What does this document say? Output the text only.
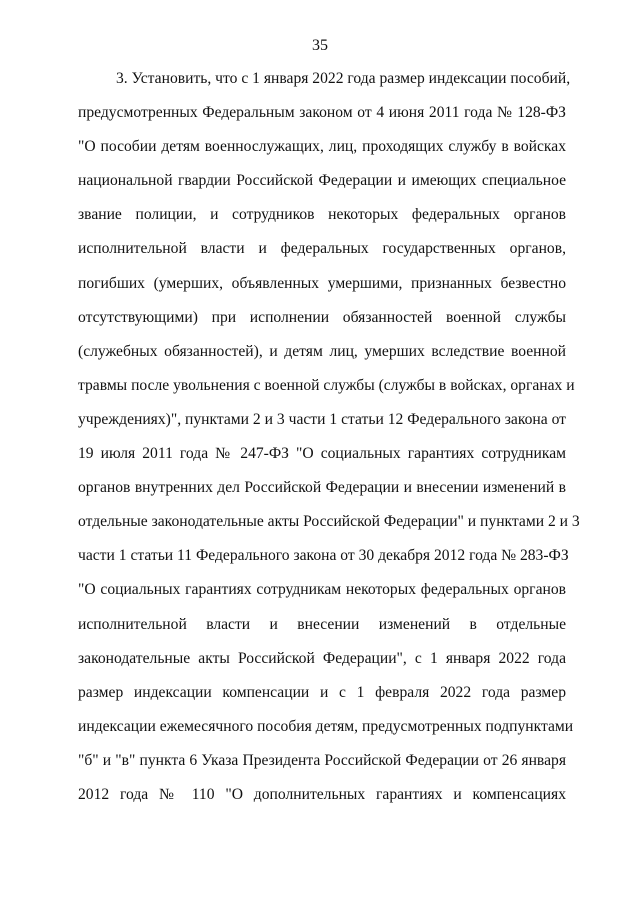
35
3. Установить, что с 1 января 2022 года размер индексации пособий,
предусмотренных Федеральным законом от 4 июня 2011 года № 128-ФЗ
"О пособии детям военнослужащих, лиц, проходящих службу в войсках
национальной гвардии Российской Федерации и имеющих специальное
звание полиции, и сотрудников некоторых федеральных органов
исполнительной власти и федеральных государственных органов,
погибших (умерших, объявленных умершими, признанных безвестно
отсутствующими) при исполнении обязанностей военной службы
(служебных обязанностей), и детям лиц, умерших вследствие военной
травмы после увольнения с военной службы (службы в войсках, органах и
учреждениях)", пунктами 2 и 3 части 1 статьи 12 Федерального закона от
19 июля 2011 года № 247-ФЗ "О социальных гарантиях сотрудникам
органов внутренних дел Российской Федерации и внесении изменений в
отдельные законодательные акты Российской Федерации" и пунктами 2 и 3
части 1 статьи 11 Федерального закона от 30 декабря 2012 года № 283-ФЗ
"О социальных гарантиях сотрудникам некоторых федеральных органов
исполнительной власти и внесении изменений в отдельные
законодательные акты Российской Федерации", с 1 января 2022 года
размер индексации компенсации и с 1 февраля 2022 года размер
индексации ежемесячного пособия детям, предусмотренных подпунктами
"б" и "в" пункта 6 Указа Президента Российской Федерации от 26 января
2012 года № 110 "О дополнительных гарантиях и компенсациях
